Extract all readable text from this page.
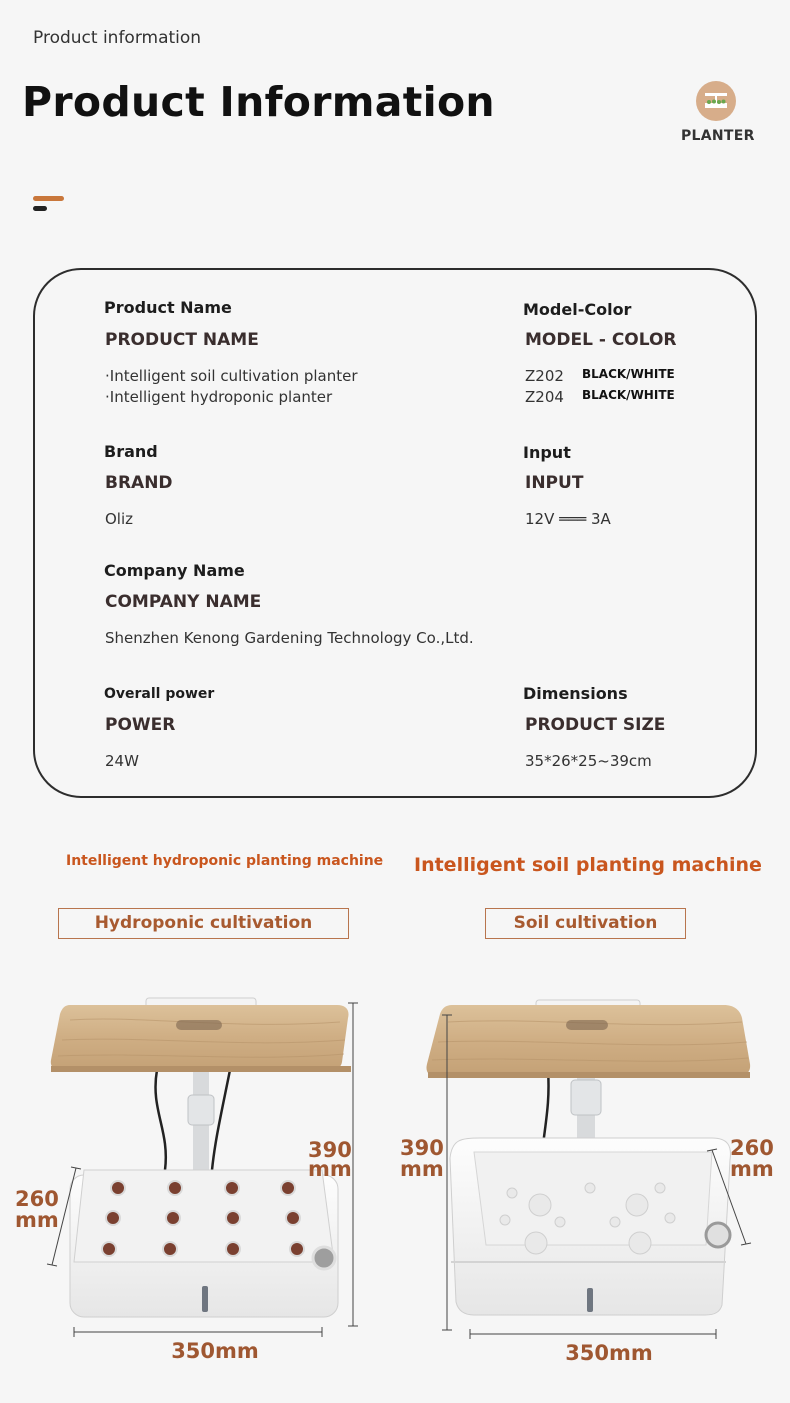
Product information
Product Information
PLANTER
Product Name
PRODUCT NAME
·Intelligent soil cultivation planter
·Intelligent hydroponic planter
Model-Color
MODEL - COLOR
Z202 BLACK/WHITE
Z204 BLACK/WHITE
Brand
BRAND
Oliz
Input
INPUT
12V ═══ 3A
Company Name
COMPANY NAME
Shenzhen Kenong Gardening Technology Co.,Ltd.
Overall power
POWER
24W
Dimensions
PRODUCT SIZE
35*26*25~39cm
Intelligent hydroponic planting machine Intelligent soil planting machine
Hydroponic cultivation	Soil cultivation
390
mm
260
mm
350mm
390
mm
260
mm
350mm
